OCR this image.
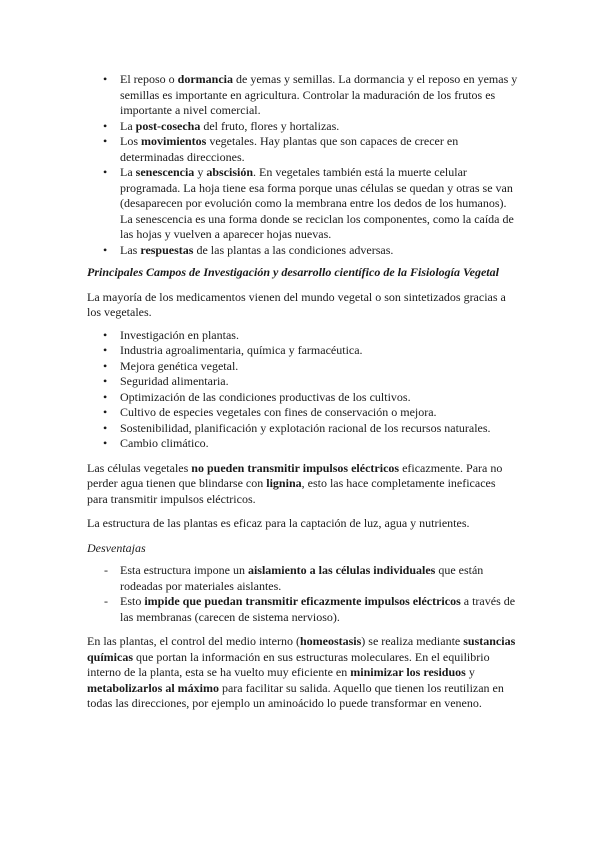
• El reposo o dormancia de yemas y semillas. La dormancia y el reposo en yemas y semillas es importante en agricultura. Controlar la maduración de los frutos es importante a nivel comercial.
• La post-cosecha del fruto, flores y hortalizas.
• Los movimientos vegetales. Hay plantas que son capaces de crecer en determinadas direcciones.
• La senescencia y abscisión. En vegetales también está la muerte celular programada. La hoja tiene esa forma porque unas células se quedan y otras se van (desaparecen por evolución como la membrana entre los dedos de los humanos). La senescencia es una forma donde se reciclan los componentes, como la caída de las hojas y vuelven a aparecer hojas nuevas.
• Las respuestas de las plantas a las condiciones adversas.

Principales Campos de Investigación y desarrollo científico de la Fisiología Vegetal

La mayoría de los medicamentos vienen del mundo vegetal o son sintetizados gracias a los vegetales.

• Investigación en plantas.
• Industria agroalimentaria, química y farmacéutica.
• Mejora genética vegetal.
• Seguridad alimentaria.
• Optimización de las condiciones productivas de los cultivos.
• Cultivo de especies vegetales con fines de conservación o mejora.
• Sostenibilidad, planificación y explotación racional de los recursos naturales.
• Cambio climático.

Las células vegetales no pueden transmitir impulsos eléctricos eficazmente. Para no perder agua tienen que blindarse con lignina, esto las hace completamente ineficaces para transmitir impulsos eléctricos.

La estructura de las plantas es eficaz para la captación de luz, agua y nutrientes.

Desventajas

- Esta estructura impone un aislamiento a las células individuales que están rodeadas por materiales aislantes.
- Esto impide que puedan transmitir eficazmente impulsos eléctricos a través de las membranas (carecen de sistema nervioso).

En las plantas, el control del medio interno (homeostasis) se realiza mediante sustancias químicas que portan la información en sus estructuras moleculares. En el equilibrio interno de la planta, esta se ha vuelto muy eficiente en minimizar los residuos y metabolizarlos al máximo para facilitar su salida. Aquello que tienen los reutilizan en todas las direcciones, por ejemplo un aminoácido lo puede transformar en veneno.
